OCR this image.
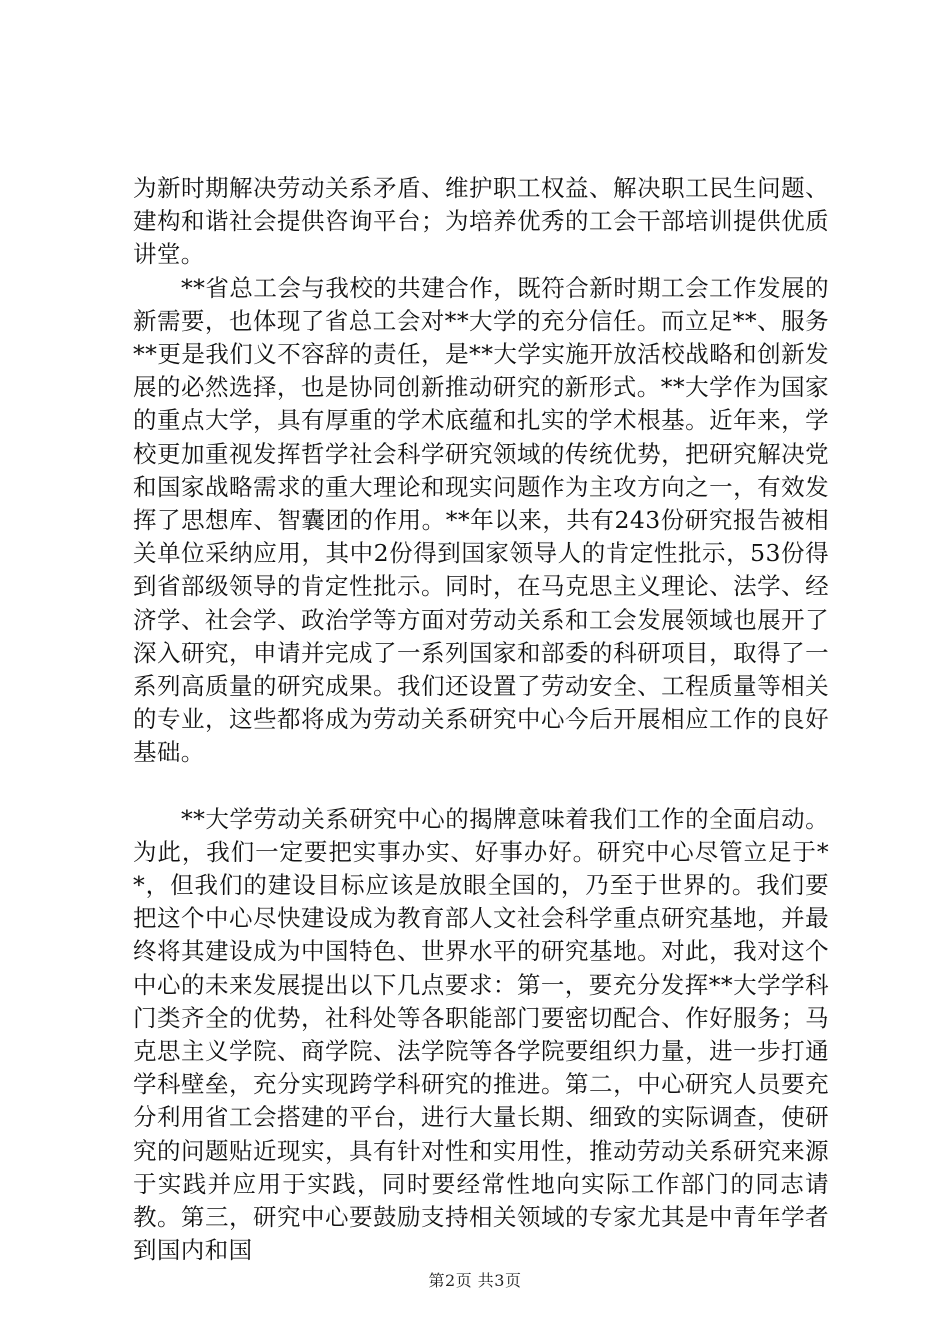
为新时期解决劳动关系矛盾、维护职工权益、解决职工民生问题、建构和谐社会提供咨询平台；为培养优秀的工会干部培训提供优质讲堂。

**省总工会与我校的共建合作，既符合新时期工会工作发展的新需要，也体现了省总工会对**大学的充分信任。而立足**、服务**更是我们义不容辞的责任，是**大学实施开放活校战略和创新发展的必然选择，也是协同创新推动研究的新形式。**大学作为国家的重点大学，具有厚重的学术底蕴和扎实的学术根基。近年来，学校更加重视发挥哲学社会科学研究领域的传统优势，把研究解决党和国家战略需求的重大理论和现实问题作为主攻方向之一，有效发挥了思想库、智囊团的作用。**年以来，共有243份研究报告被相关单位采纳应用，其中2份得到国家领导人的肯定性批示，53份得到省部级领导的肯定性批示。同时，在马克思主义理论、法学、经济学、社会学、政治学等方面对劳动关系和工会发展领域也展开了深入研究，申请并完成了一系列国家和部委的科研项目，取得了一系列高质量的研究成果。我们还设置了劳动安全、工程质量等相关的专业，这些都将成为劳动关系研究中心今后开展相应工作的良好基础。

**大学劳动关系研究中心的揭牌意味着我们工作的全面启动。为此，我们一定要把实事办实、好事办好。研究中心尽管立足于**，但我们的建设目标应该是放眼全国的，乃至于世界的。我们要把这个中心尽快建设成为教育部人文社会科学重点研究基地，并最终将其建设成为中国特色、世界水平的研究基地。对此，我对这个中心的未来发展提出以下几点要求：第一，要充分发挥**大学学科门类齐全的优势，社科处等各职能部门要密切配合、作好服务；马克思主义学院、商学院、法学院等各学院要组织力量，进一步打通学科壁垒，充分实现跨学科研究的推进。第二，中心研究人员要充分利用省工会搭建的平台，进行大量长期、细致的实际调查，使研究的问题贴近现实，具有针对性和实用性，推动劳动关系研究来源于实践并应用于实践，同时要经常性地向实际工作部门的同志请教。第三，研究中心要鼓励支持相关领域的专家尤其是中青年学者到国内和国

第2页 共3页
